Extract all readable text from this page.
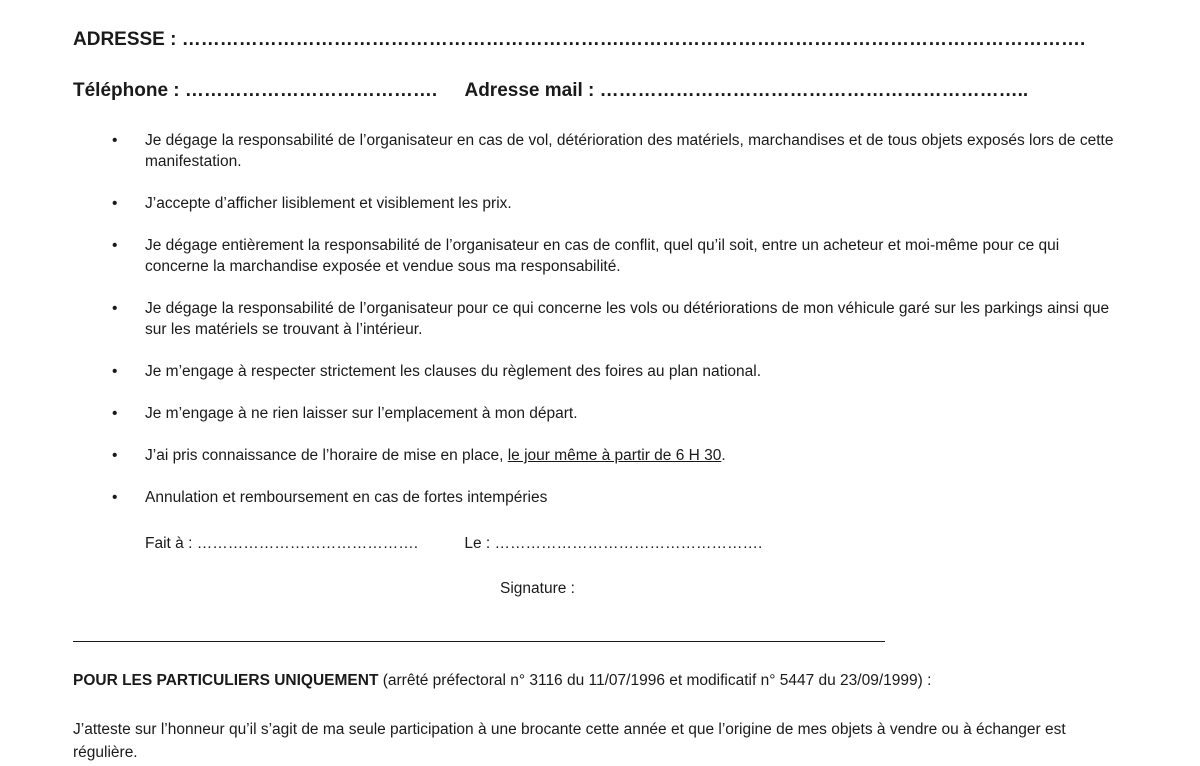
ADRESSE : …………………………………………………………….……………………………………………………………….
Téléphone : …………………………………. Adresse mail : …………………………………………………………..
• Je dégage la responsabilité de l’organisateur en cas de vol, détérioration des matériels, marchandises et de tous objets exposés lors de cette manifestation.
• J’accepte d’afficher lisiblement et visiblement les prix.
• Je dégage entièrement la responsabilité de l’organisateur en cas de conflit, quel qu’il soit, entre un acheteur et moi-même pour ce qui concerne la marchandise exposée et vendue sous ma responsabilité.
• Je dégage la responsabilité de l’organisateur pour ce qui concerne les vols ou détériorations de mon véhicule garé sur les parkings ainsi que sur les matériels se trouvant à l’intérieur.
• Je m’engage à respecter strictement les clauses du règlement des foires au plan national.
• Je m’engage à ne rien laisser sur l’emplacement à mon départ.
• J’ai pris connaissance de l’horaire de mise en place, le jour même à partir de 6 H 30.
• Annulation et remboursement en cas de fortes intempéries
Fait à : …………………………………….	Le : …………………………………………….
Signature :
POUR LES PARTICULIERS UNIQUEMENT (arrêté préfectoral n° 3116 du 11/07/1996 et modificatif n° 5447 du 23/09/1999) :
J’atteste sur l’honneur qu’il s’agit de ma seule participation à une brocante cette année et que l’origine de mes objets à vendre ou à échanger est régulière.
